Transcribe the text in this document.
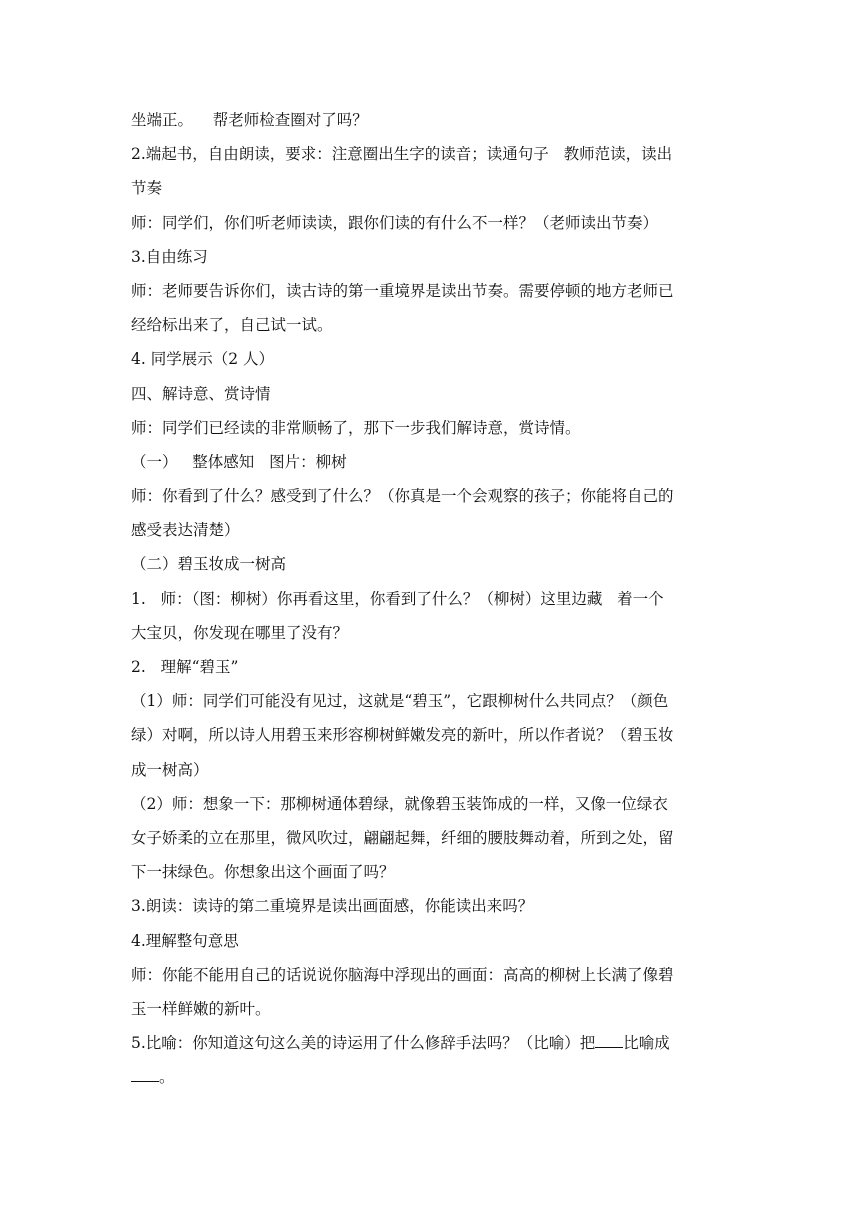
坐端正。    帮老师检查圈对了吗？
2.端起书，自由朗读，要求：注意圈出生字的读音；读通句子   教师范读，读出
节奏
师：同学们，你们听老师读读，跟你们读的有什么不一样？（老师读出节奏）
3.自由练习
师：老师要告诉你们，读古诗的第一重境界是读出节奏。需要停顿的地方老师已
经给标出来了，自己试一试。
4. 同学展示（2 人）
四、解诗意、赏诗情
师：同学们已经读的非常顺畅了，那下一步我们解诗意，赏诗情。
（一）   整体感知   图片：柳树
师：你看到了什么？感受到了什么？（你真是一个会观察的孩子；你能将自己的
感受表达清楚）
（二）碧玉妆成一树高
1.   师：（图：柳树）你再看这里，你看到了什么？（柳树）这里边藏   着一个
大宝贝，你发现在哪里了没有？
2.   理解“碧玉”
（1）师：同学们可能没有见过，这就是“碧玉”，它跟柳树什么共同点？（颜色
绿）对啊，所以诗人用碧玉来形容柳树鲜嫩发亮的新叶，所以作者说？（碧玉妆
成一树高）
（2）师：想象一下：那柳树通体碧绿，就像碧玉装饰成的一样，又像一位绿衣
女子娇柔的立在那里，微风吹过，翩翩起舞，纤细的腰肢舞动着，所到之处，留
下一抹绿色。你想象出这个画面了吗？
3.朗读：读诗的第二重境界是读出画面感，你能读出来吗？
4.理解整句意思
师：你能不能用自己的话说说你脑海中浮现出的画面：高高的柳树上长满了像碧
玉一样鲜嫩的新叶。
5.比喻：你知道这句这么美的诗运用了什么修辞手法吗？（比喻）把 比喻成
。
